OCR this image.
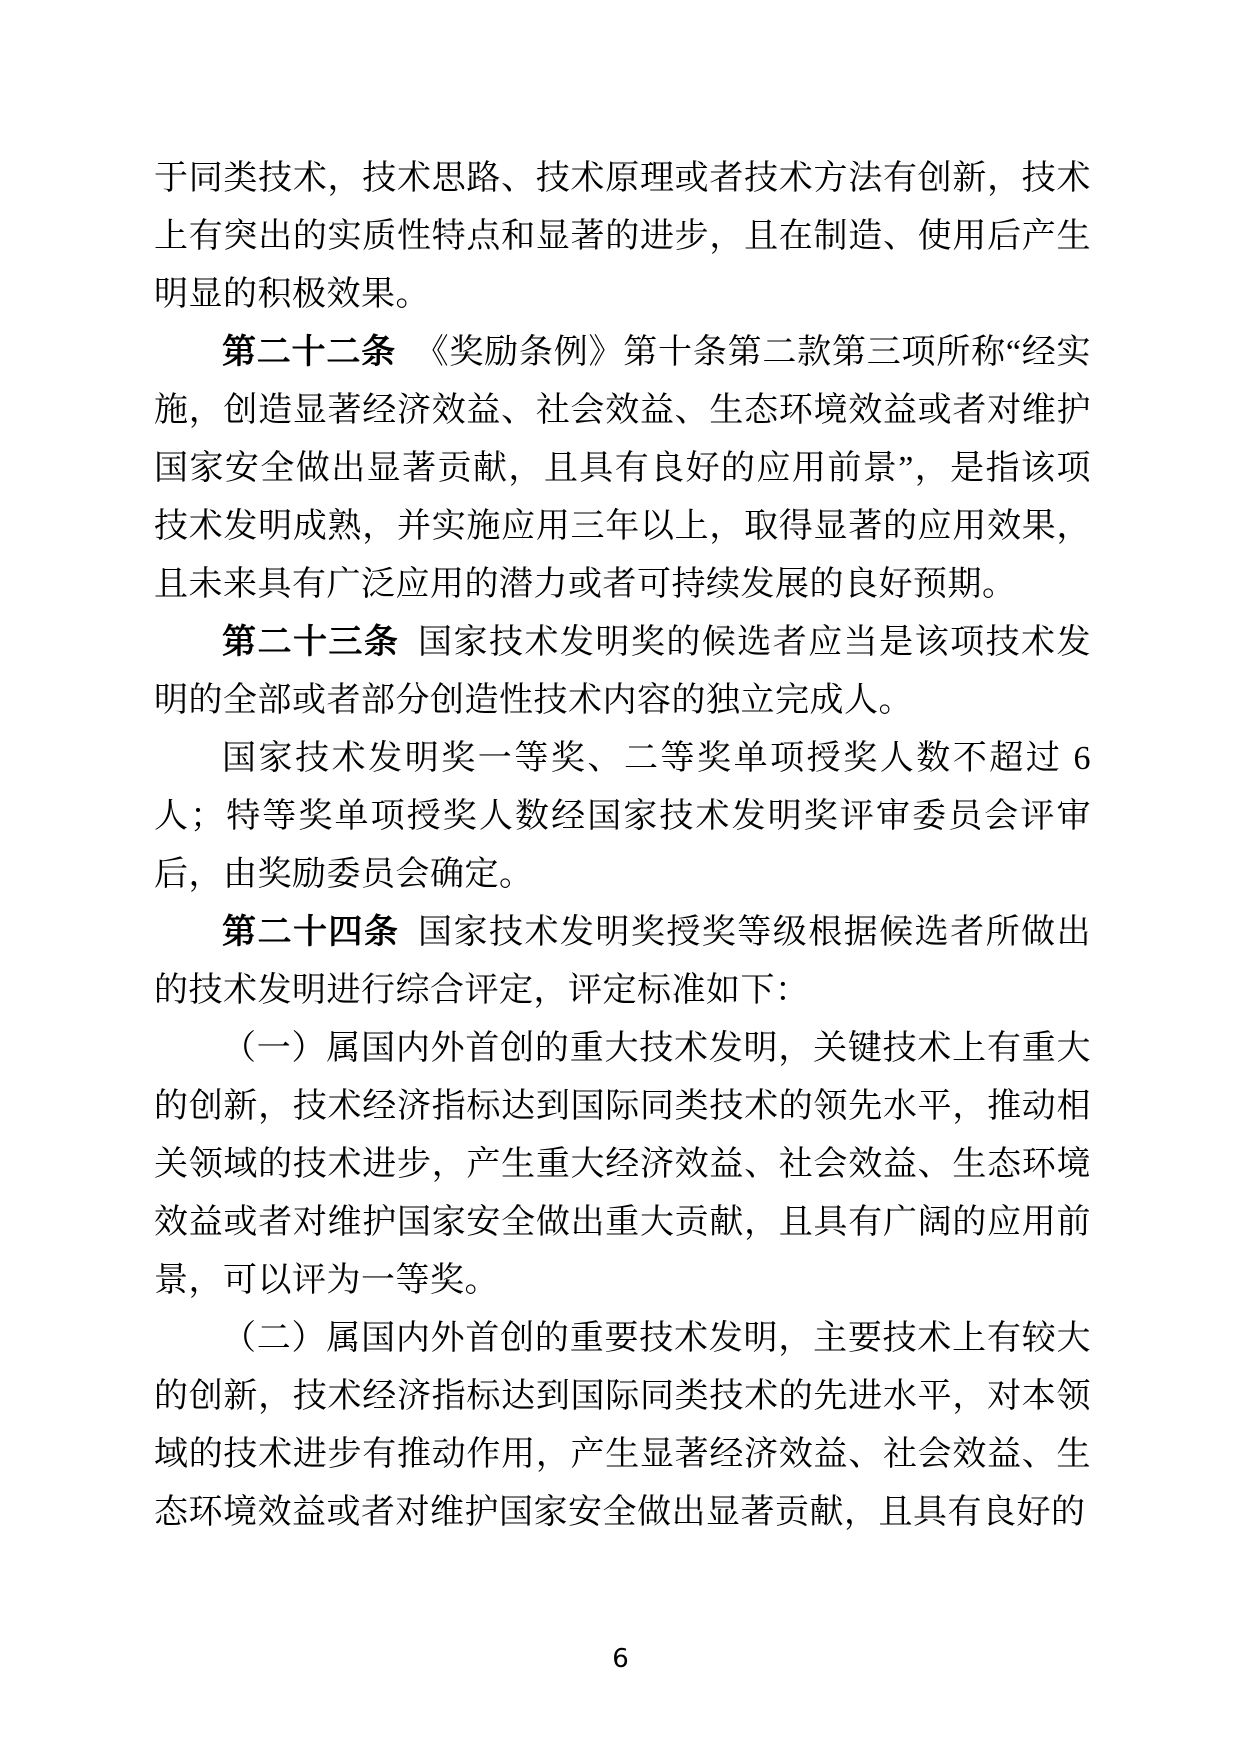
于同类技术，技术思路、技术原理或者技术方法有创新，技术上有突出的实质性特点和显著的进步，且在制造、使用后产生明显的积极效果。

第二十二条 《奖励条例》第十条第二款第三项所称“经实施，创造显著经济效益、社会效益、生态环境效益或者对维护国家安全做出显著贡献，且具有良好的应用前景”，是指该项技术发明成熟，并实施应用三年以上，取得显著的应用效果，且未来具有广泛应用的潜力或者可持续发展的良好预期。

第二十三条 国家技术发明奖的候选者应当是该项技术发明的全部或者部分创造性技术内容的独立完成人。

国家技术发明奖一等奖、二等奖单项授奖人数不超过 6 人；特等奖单项授奖人数经国家技术发明奖评审委员会评审后，由奖励委员会确定。

第二十四条 国家技术发明奖授奖等级根据候选者所做出的技术发明进行综合评定，评定标准如下：

（一）属国内外首创的重大技术发明，关键技术上有重大的创新，技术经济指标达到国际同类技术的领先水平，推动相关领域的技术进步，产生重大经济效益、社会效益、生态环境效益或者对维护国家安全做出重大贡献，且具有广阔的应用前景，可以评为一等奖。

（二）属国内外首创的重要技术发明，主要技术上有较大的创新，技术经济指标达到国际同类技术的先进水平，对本领域的技术进步有推动作用，产生显著经济效益、社会效益、生态环境效益或者对维护国家安全做出显著贡献，且具有良好的

6
